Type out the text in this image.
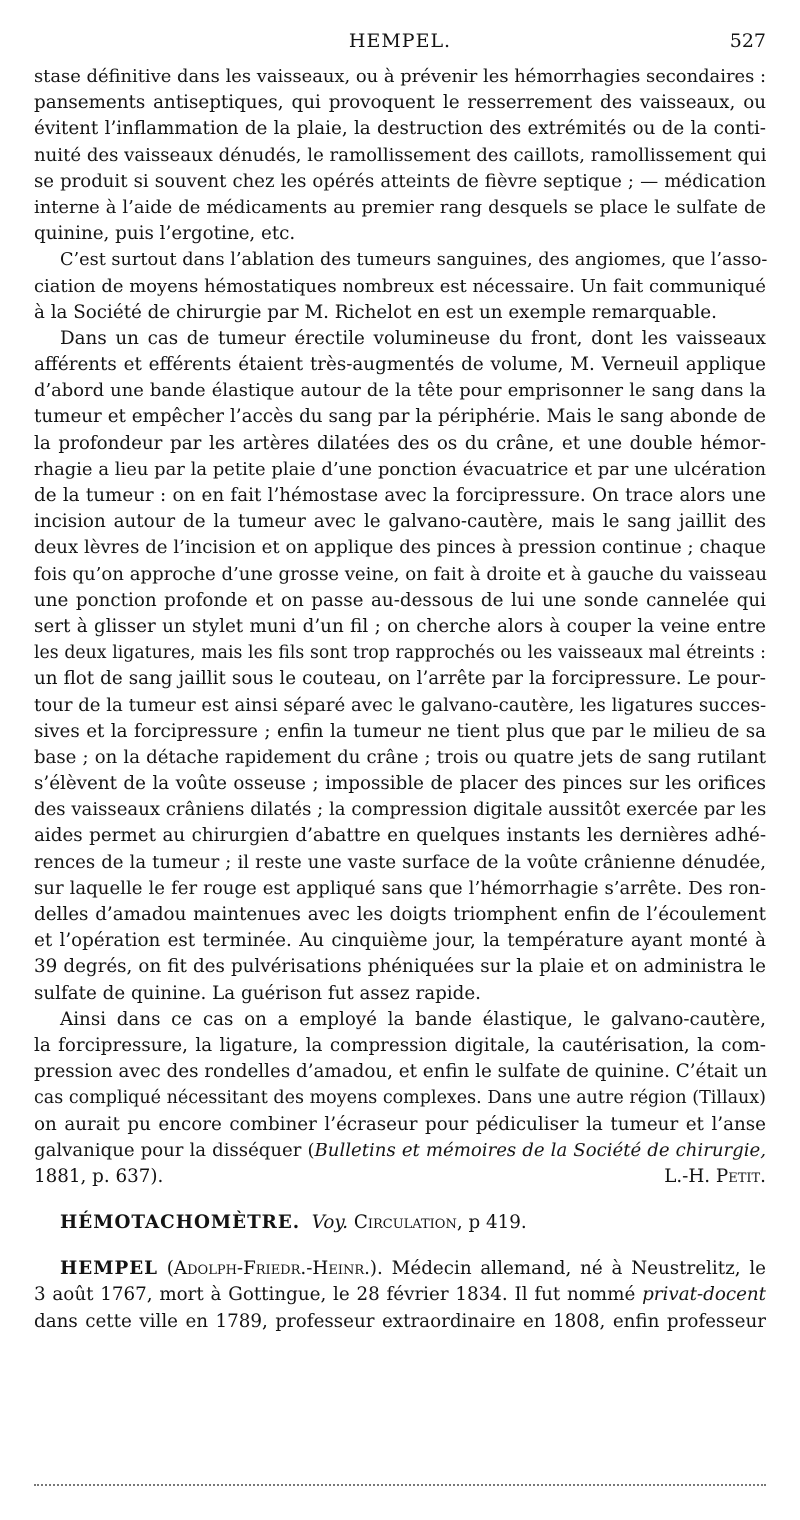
HEMPEL.	527
stase définitive dans les vaisseaux, ou à prévenir les hémorrhagies secondaires :
pansements antiseptiques, qui provoquent le resserrement des vaisseaux, ou
évitent l’inflammation de la plaie, la destruction des extrémités ou de la conti-
nuité des vaisseaux dénudés, le ramollissement des caillots, ramollissement qui
se produit si souvent chez les opérés atteints de fièvre septique ; — médication
interne à l’aide de médicaments au premier rang desquels se place le sulfate de
quinine, puis l’ergotine, etc.
C’est surtout dans l’ablation des tumeurs sanguines, des angiomes, que l’asso-
ciation de moyens hémostatiques nombreux est nécessaire. Un fait communiqué
à la Société de chirurgie par M. Richelot en est un exemple remarquable.
Dans un cas de tumeur érectile volumineuse du front, dont les vaisseaux
afférents et efférents étaient très-augmentés de volume, M. Verneuil applique
d’abord une bande élastique autour de la tête pour emprisonner le sang dans la
tumeur et empêcher l’accès du sang par la périphérie. Mais le sang abonde de
la profondeur par les artères dilatées des os du crâne, et une double hémor-
rhagie a lieu par la petite plaie d’une ponction évacuatrice et par une ulcération
de la tumeur : on en fait l’hémostase avec la forcipressure. On trace alors une
incision autour de la tumeur avec le galvano-cautère, mais le sang jaillit des
deux lèvres de l’incision et on applique des pinces à pression continue ; chaque
fois qu’on approche d’une grosse veine, on fait à droite et à gauche du vaisseau
une ponction profonde et on passe au-dessous de lui une sonde cannelée qui
sert à glisser un stylet muni d’un fil ; on cherche alors à couper la veine entre
les deux ligatures, mais les fils sont trop rapprochés ou les vaisseaux mal étreints :
un flot de sang jaillit sous le couteau, on l’arrête par la forcipressure. Le pour-
tour de la tumeur est ainsi séparé avec le galvano-cautère, les ligatures succes-
sives et la forcipressure ; enfin la tumeur ne tient plus que par le milieu de sa
base ; on la détache rapidement du crâne ; trois ou quatre jets de sang rutilant
s’élèvent de la voûte osseuse ; impossible de placer des pinces sur les orifices
des vaisseaux crâniens dilatés ; la compression digitale aussitôt exercée par les
aides permet au chirurgien d’abattre en quelques instants les dernières adhé-
rences de la tumeur ; il reste une vaste surface de la voûte crânienne dénudée,
sur laquelle le fer rouge est appliqué sans que l’hémorrhagie s’arrête. Des ron-
delles d’amadou maintenues avec les doigts triomphent enfin de l’écoulement
et l’opération est terminée. Au cinquième jour, la température ayant monté à
39 degrés, on fit des pulvérisations phéniquées sur la plaie et on administra le
sulfate de quinine. La guérison fut assez rapide.
Ainsi dans ce cas on a employé la bande élastique, le galvano-cautère,
la forcipressure, la ligature, la compression digitale, la cautérisation, la com-
pression avec des rondelles d’amadou, et enfin le sulfate de quinine. C’était un
cas compliqué nécessitant des moyens complexes. Dans une autre région (Tillaux)
on aurait pu encore combiner l’écraseur pour pédiculiser la tumeur et l’anse
galvanique pour la disséquer (Bulletins et mémoires de la Société de chirurgie,
1881, p. 637).	L.-H. Petit.
HÉMOTACHOMÈTRE. Voy. Circulation, p 419.
HEMPEL (Adolph-Friedr.-Heinr.). Médecin allemand, né à Neustrelitz, le
3 août 1767, mort à Gottingue, le 28 février 1834. Il fut nommé privat-docent
dans cette ville en 1789, professeur extraordinaire en 1808, enfin professeur
